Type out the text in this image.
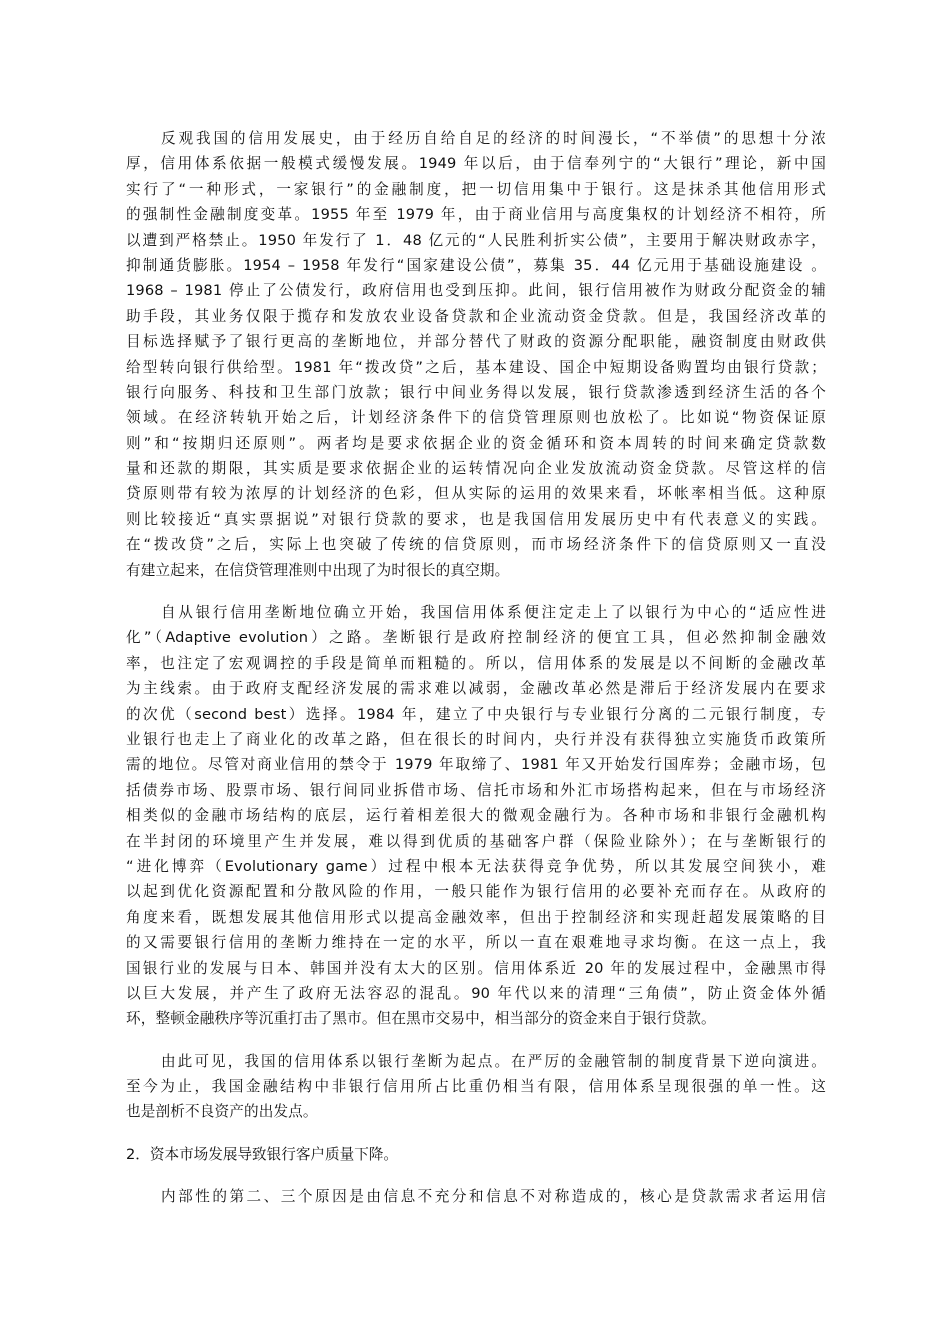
反观我国的信用发展史，由于经历自给自足的经济的时间漫长，“不举债”的思想十分浓
厚，信用体系依据一般模式缓慢发展。1949 年以后，由于信奉列宁的“大银行”理论，新中国
实行了“一种形式，一家银行”的金融制度，把一切信用集中于银行。这是抹杀其他信用形式
的强制性金融制度变革。1955 年至 1979 年，由于商业信用与高度集权的计划经济不相符，所
以遭到严格禁止。1950 年发行了 1．48 亿元的“人民胜利折实公债”，主要用于解决财政赤字，
抑制通货膨胀。1954 – 1958 年发行“国家建设公债”，募集 35．44 亿元用于基础设施建设 。
1968 – 1981 停止了公债发行，政府信用也受到压抑。此间，银行信用被作为财政分配资金的辅
助手段，其业务仅限于揽存和发放农业设备贷款和企业流动资金贷款。但是，我国经济改革的
目标选择赋予了银行更高的垄断地位，并部分替代了财政的资源分配职能，融资制度由财政供
给型转向银行供给型。1981 年“拨改贷”之后，基本建设、国企中短期设备购置均由银行贷款；
银行向服务、科技和卫生部门放款；银行中间业务得以发展，银行贷款渗透到经济生活的各个
领域。在经济转轨开始之后，计划经济条件下的信贷管理原则也放松了。比如说“物资保证原
则”和“按期归还原则”。两者均是要求依据企业的资金循环和资本周转的时间来确定贷款数
量和还款的期限，其实质是要求依据企业的运转情况向企业发放流动资金贷款。尽管这样的信
贷原则带有较为浓厚的计划经济的色彩，但从实际的运用的效果来看，坏帐率相当低。这种原
则比较接近“真实票据说”对银行贷款的要求，也是我国信用发展历史中有代表意义的实践。
在“拨改贷”之后，实际上也突破了传统的信贷原则，而市场经济条件下的信贷原则又一直没
有建立起来，在信贷管理准则中出现了为时很长的真空期。
自从银行信用垄断地位确立开始，我国信用体系便注定走上了以银行为中心的“适应性进
化”（Adaptive evolution）之路。垄断银行是政府控制经济的便宜工具，但必然抑制金融效
率，也注定了宏观调控的手段是简单而粗糙的。所以，信用体系的发展是以不间断的金融改革
为主线索。由于政府支配经济发展的需求难以减弱，金融改革必然是滞后于经济发展内在要求
的次优（second best）选择。1984 年，建立了中央银行与专业银行分离的二元银行制度，专
业银行也走上了商业化的改革之路，但在很长的时间内，央行并没有获得独立实施货币政策所
需的地位。尽管对商业信用的禁令于 1979 年取缔了、1981 年又开始发行国库券；金融市场，包
括债券市场、股票市场、银行间同业拆借市场、信托市场和外汇市场搭构起来，但在与市场经济
相类似的金融市场结构的底层，运行着相差很大的微观金融行为。各种市场和非银行金融机构
在半封闭的环境里产生并发展，难以得到优质的基础客户群（保险业除外）；在与垄断银行的
“进化博弈（Evolutionary game）过程中根本无法获得竞争优势，所以其发展空间狭小，难
以起到优化资源配置和分散风险的作用，一般只能作为银行信用的必要补充而存在。从政府的
角度来看，既想发展其他信用形式以提高金融效率，但出于控制经济和实现赶超发展策略的目
的又需要银行信用的垄断力维持在一定的水平，所以一直在艰难地寻求均衡。在这一点上，我
国银行业的发展与日本、韩国并没有太大的区别。信用体系近 20 年的发展过程中，金融黑市得
以巨大发展，并产生了政府无法容忍的混乱。90 年代以来的清理“三角债”，防止资金体外循
环，整顿金融秩序等沉重打击了黑市。但在黑市交易中，相当部分的资金来自于银行贷款。
由此可见，我国的信用体系以银行垄断为起点。在严厉的金融管制的制度背景下逆向演进。
至今为止，我国金融结构中非银行信用所占比重仍相当有限，信用体系呈现很强的单一性。这
也是剖析不良资产的出发点。
2．资本市场发展导致银行客户质量下降。
内部性的第二、三个原因是由信息不充分和信息不对称造成的，核心是贷款需求者运用信
